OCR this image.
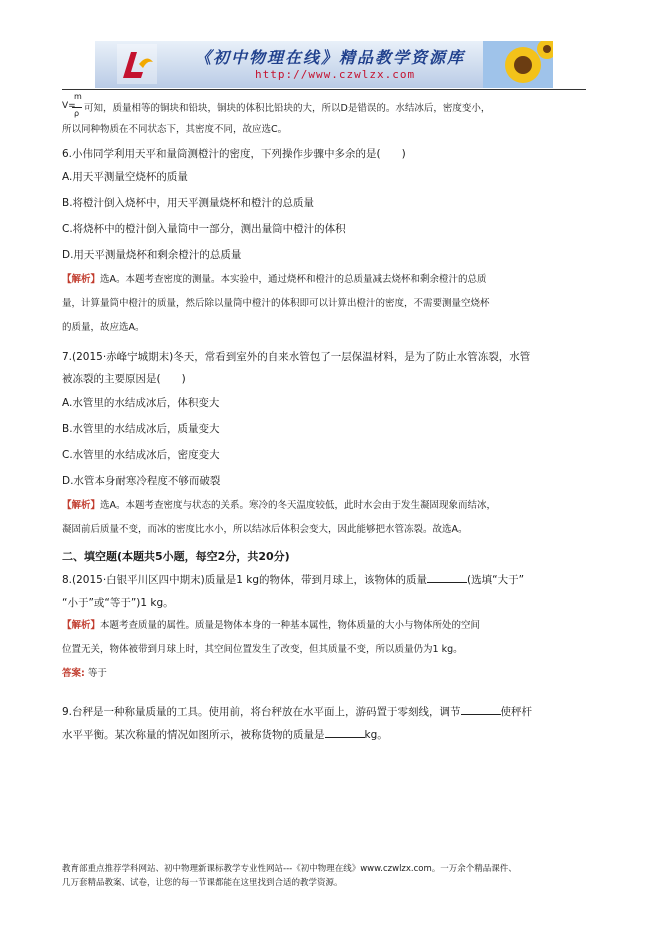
《初中物理在线》精品教学资源库
http://www.czwlzx.com
V=
m
ρ 可知，质量相等的铜块和铅块，铜块的体积比铅块的大，所以D是错误的。水结冰后，密度变小，
所以同种物质在不同状态下，其密度不同，故应选C。
6.小伟同学利用天平和量筒测橙汁的密度，下列操作步骤中多余的是(　　)
A.用天平测量空烧杯的质量
B.将橙汁倒入烧杯中，用天平测量烧杯和橙汁的总质量
C.将烧杯中的橙汁倒入量筒中一部分，测出量筒中橙汁的体积
D.用天平测量烧杯和剩余橙汁的总质量
【解析】选A。本题考查密度的测量。本实验中，通过烧杯和橙汁的总质量减去烧杯和剩余橙汁的总质
量，计算量筒中橙汁的质量，然后除以量筒中橙汁的体积即可以计算出橙汁的密度，不需要测量空烧杯
的质量，故应选A。
7.(2015·赤峰宁城期末)冬天，常看到室外的自来水管包了一层保温材料，是为了防止水管冻裂，水管
被冻裂的主要原因是(　　)
A.水管里的水结成冰后，体积变大
B.水管里的水结成冰后，质量变大
C.水管里的水结成冰后，密度变大
D.水管本身耐寒冷程度不够而破裂
【解析】选A。本题考查密度与状态的关系。寒冷的冬天温度较低，此时水会由于发生凝固现象而结冰，
凝固前后质量不变，而冰的密度比水小，所以结冰后体积会变大，因此能够把水管冻裂。故选A。
二、填空题(本题共5小题，每空2分，共20分)
8.(2015·白银平川区四中期末)质量是1 kg的物体，带到月球上，该物体的质量	(选填“大于”
“小于”或“等于”)1 kg。
【解析】本题考查质量的属性。质量是物体本身的一种基本属性，物体质量的大小与物体所处的空间
位置无关，物体被带到月球上时，其空间位置发生了改变，但其质量不变，所以质量仍为1 kg。
答案: 等于
9.台秤是一种称量质量的工具。使用前，将台秤放在水平面上，游码置于零刻线，调节	使秤杆
水平平衡。某次称量的情况如图所示，被称货物的质量是	kg。
教育部重点推荐学科网站、初中物理新课标教学专业性网站---《初中物理在线》www.czwlzx.com。一万余个精品课件、
几万套精品教案、试卷，让您的每一节课都能在这里找到合适的教学资源。
